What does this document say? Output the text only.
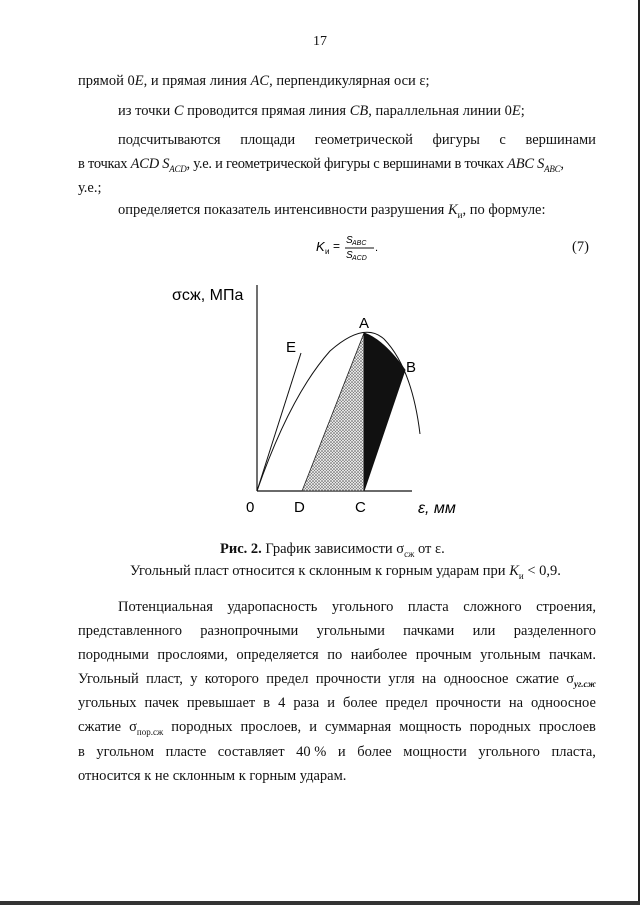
17
прямой 0E, и прямая линия AC, перпендикулярная оси ε;
из точки C проводится прямая линия CB, параллельная линии 0E;
подсчитываются площади геометрической фигуры с вершинами
в точках ACD $S_{ACD}$, у.е. и геометрической фигуры с вершинами в точках ABC $S_{ABC}$,
у.е.;
определяется показатель интенсивности разрушения $K_и$, по формуле:
K и = S ABC
S ACD
.	(7)
σсж, МПа
A
B
E
0	D	C	ε, мм
Рис. 2. График зависимости $\sigma_{сж}$ от ε.
Угольный пласт относится к склонным к горным ударам при $K_и < 0,9$.
Потенциальная ударопасность угольного пласта сложного строения,
представленного разнопрочными угольными пачками или разделенного
породными прослоями, определяется по наиболее прочным угольным пачкам.
Угольный пласт, у которого предел прочности угля на одноосное сжатие $\sigma_{уг.сж}$
угольных пачек превышает в 4 раза и более предел прочности на одноосное
сжатие $\sigma_{пор.сж}$ породных прослоев, и суммарная мощность породных прослоев
в угольном пласте составляет 40 % и более мощности угольного пласта,
относится к не склонным к горным ударам.
